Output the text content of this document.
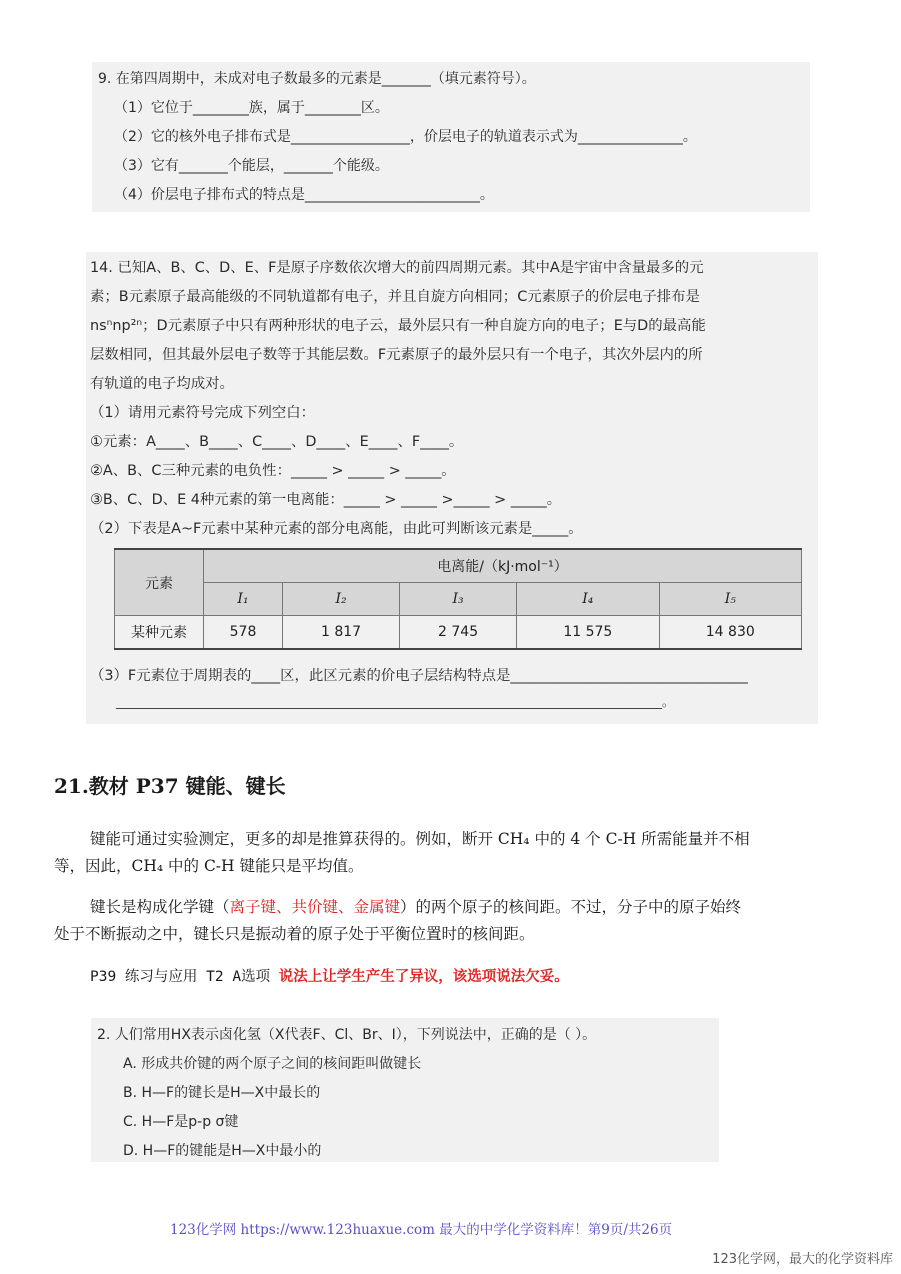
9. 在第四周期中，未成对电子数最多的元素是_______（填元素符号）。
（1）它位于________族，属于________区。
（2）它的核外电子排布式是_________________，价层电子的轨道表示式为_______________。
（3）它有_______个能层，_______个能级。
（4）价层电子排布式的特点是_________________________。
14. 已知A、B、C、D、E、F是原子序数依次增大的前四周期元素。其中A是宇宙中含量最多的元
素；B元素原子最高能级的不同轨道都有电子，并且自旋方向相同；C元素原子的价层电子排布是
nsⁿnp²ⁿ；D元素原子中只有两种形状的电子云，最外层只有一种自旋方向的电子；E与D的最高能
层数相同，但其最外层电子数等于其能层数。F元素原子的最外层只有一个电子，其次外层内的所
有轨道的电子均成对。
（1）请用元素符号完成下列空白：
①元素：A____、B____、C____、D____、E____、F____。
②A、B、C三种元素的电负性：_____ > _____ > _____。
③B、C、D、E 4种元素的第一电离能：_____ > _____ >_____ > _____。
（2）下表是A~F元素中某种元素的部分电离能，由此可判断该元素是_____。
元素	电离能/（kJ·mol⁻¹）				
	I₁	I₂	I₃	I₄	I₅
某种元素	578	1 817	2 745	11 575	14 830
（3）F元素位于周期表的____区，此区元素的价电子层结构特点是_________________________________
___________________________________________________________________________________________。
21.教材 P37 键能、键长
键能可通过实验测定，更多的却是推算获得的。例如，断开 CH₄ 中的 4 个 C-H 所需能量并不相
等，因此，CH₄ 中的 C-H 键能只是平均值。
键长是构成化学键（离子键、共价键、金属键）的两个原子的核间距。不过，分子中的原子始终
处于不断振动之中，键长只是振动着的原子处于平衡位置时的核间距。
P39 练习与应用 T2 A选项 说法上让学生产生了异议，该选项说法欠妥。
2. 人们常用HX表示卤化氢（X代表F、Cl、Br、I），下列说法中，正确的是（ ）。
A. 形成共价键的两个原子之间的核间距叫做键长
B. H—F的键长是H—X中最长的
C. H—F是p-p σ键
D. H—F的键能是H—X中最小的
123化学网 https://www.123huaxue.com 最大的中学化学资料库！第9页/共26页
123化学网，最大的化学资料库
